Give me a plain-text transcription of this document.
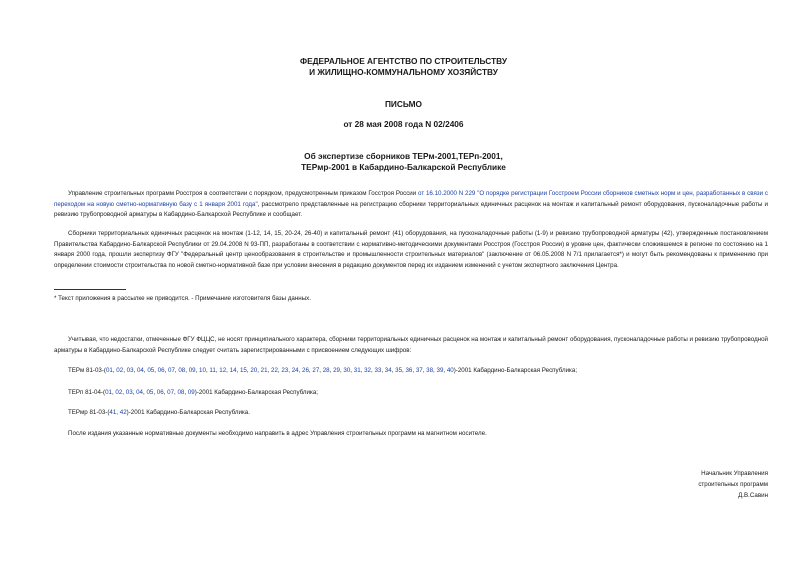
ФЕДЕРАЛЬНОЕ АГЕНТСТВО ПО СТРОИТЕЛЬСТВУ
И ЖИЛИЩНО-КОММУНАЛЬНОМУ ХОЗЯЙСТВУ
ПИСЬМО
от 28 мая 2008 года N 02/2406
Об экспертизе сборников ТЕРм-2001,ТЕРп-2001,
ТЕРмр-2001 в Кабардино-Балкарской Республике
Управление строительных программ Росстроя в соответствии с порядком, предусмотренным приказом Госстроя России от 16.10.2000 N 229 "О порядке регистрации Госстроем России сборников сметных норм и цен, разработанных в связи с переходом на новую сметно-нормативную базу с 1 января 2001 года", рассмотрело представленные на регистрацию сборники территориальных единичных расценок на монтаж и капитальный ремонт оборудования, пусконаладочные работы и ревизию трубопроводной арматуры в Кабардино-Балкарской Республике и сообщает.
Сборники территориальных единичных расценок на монтаж (1-12, 14, 15, 20-24, 26-40) и капитальный ремонт (41) оборудования, на пусконаладочные работы (1-9) и ревизию трубопроводной арматуры (42), утвержденные постановлением Правительства Кабардино-Балкарской Республики от 29.04.2008 N 93-ПП, разработаны в соответствии с нормативно-методическими документами Росстроя (Госстроя России) в уровне цен, фактически сложившемся в регионе по состоянию на 1 января 2000 года, прошли экспертизу ФГУ "Федеральный центр ценообразования в строительстве и промышленности строительных материалов" (заключение от 06.05.2008 N 7/1 прилагается*) и могут быть рекомендованы к применению при определении стоимости строительства по новой сметно-нормативной базе при условии внесения в редакцию документов перед их изданием изменений с учетом экспертного заключения Центра.
* Текст приложения в рассылке не приводится. - Примечание изготовителя базы данных.
Учитывая, что недостатки, отмеченные ФГУ ФЦЦС, не носят принципиального характера, сборники территориальных единичных расценок на монтаж и капитальный ремонт оборудования, пусконаладочные работы и ревизию трубопроводной арматуры в Кабардино-Балкарской Республике следует считать зарегистрированными с присвоением следующих шифров:
ТЕРм 81-03-(01, 02, 03, 04, 05, 06, 07, 08, 09, 10, 11, 12, 14, 15, 20, 21, 22, 23, 24, 26, 27, 28, 29, 30, 31, 32, 33, 34, 35, 36, 37, 38, 39, 40)-2001 Кабардино-Балкарская Республика;
ТЕРп 81-04-(01, 02, 03, 04, 05, 06, 07, 08, 09)-2001 Кабардино-Балкарская Республика;
ТЕРмр 81-03-(41, 42)-2001 Кабардино-Балкарская Республика.
После издания указанные нормативные документы необходимо направить в адрес Управления строительных программ на магнитном носителе.
Начальник Управления
строительных программ
Д.В.Савин
